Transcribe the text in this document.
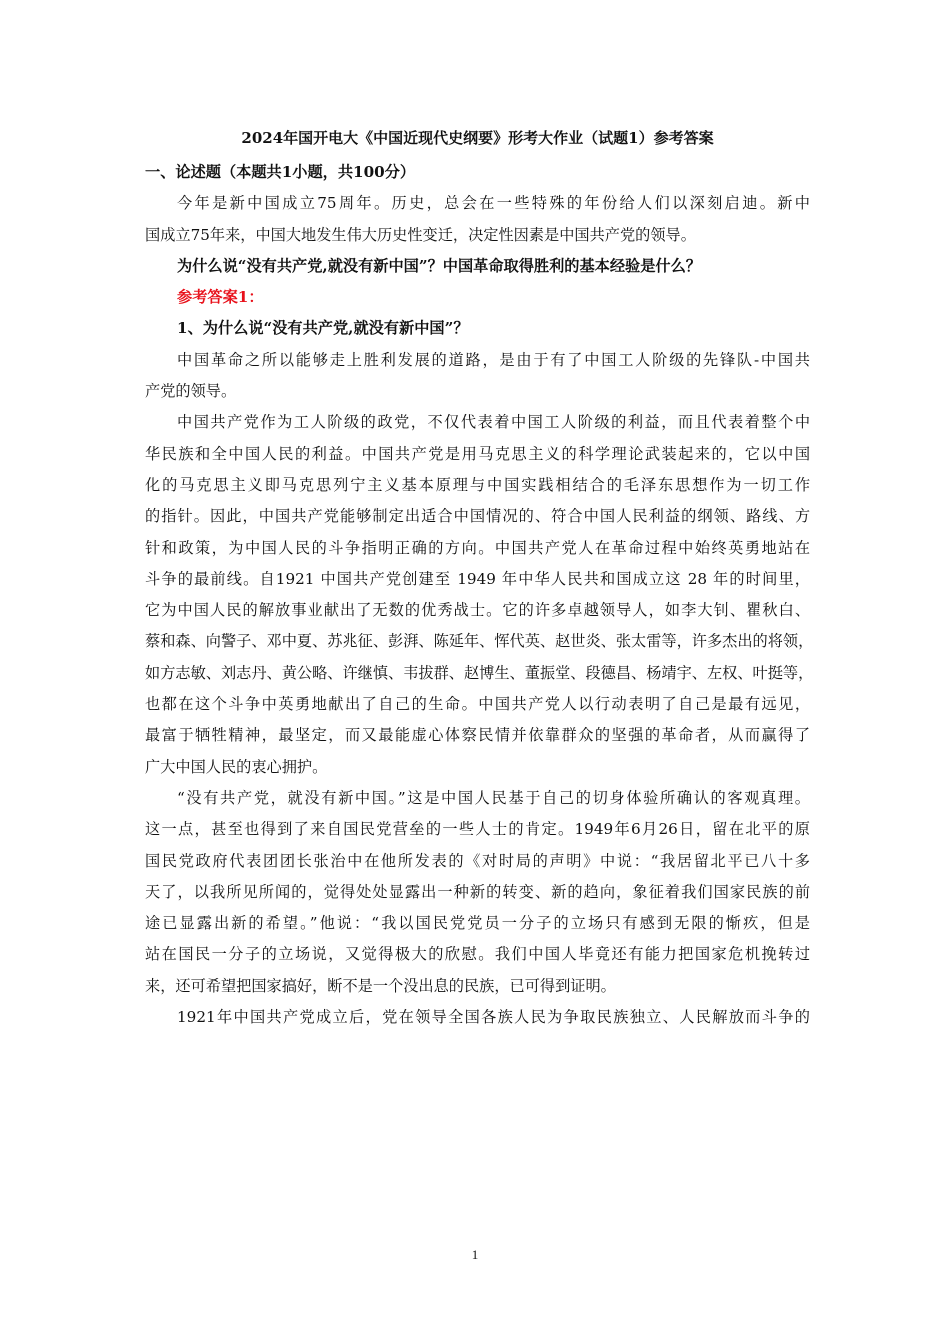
2024年国开电大《中国近现代史纲要》形考大作业（试题1）参考答案
一、论述题（本题共1小题，共100分）
今年是新中国成立75周年。历史，总会在一些特殊的年份给人们以深刻启迪。新中
国成立75年来，中国大地发生伟大历史性变迁，决定性因素是中国共产党的领导。
为什么说“没有共产党,就没有新中国”？中国革命取得胜利的基本经验是什么？
参考答案1：
1、为什么说“没有共产党,就没有新中国”？
中国革命之所以能够走上胜利发展的道路，是由于有了中国工人阶级的先锋队-中国共
产党的领导。
中国共产党作为工人阶级的政党，不仅代表着中国工人阶级的利益，而且代表着整个中
华民族和全中国人民的利益。中国共产党是用马克思主义的科学理论武装起来的，它以中国
化的马克思主义即马克思列宁主义基本原理与中国实践相结合的毛泽东思想作为一切工作
的指针。因此，中国共产党能够制定出适合中国情况的、符合中国人民利益的纲领、路线、方
针和政策，为中国人民的斗争指明正确的方向。中国共产党人在革命过程中始终英勇地站在
斗争的最前线。自1921 中国共产党创建至 1949 年中华人民共和国成立这 28 年的时间里，
它为中国人民的解放事业献出了无数的优秀战士。它的许多卓越领导人，如李大钊、瞿秋白、
蔡和森、向警子、邓中夏、苏兆征、彭湃、陈延年、恽代英、赵世炎、张太雷等，许多杰出的将领，
如方志敏、刘志丹、黄公略、许继慎、韦拔群、赵博生、董振堂、段德昌、杨靖宇、左权、叶挺等，
也都在这个斗争中英勇地献出了自己的生命。中国共产党人以行动表明了自己是最有远见，
最富于牺牲精神，最坚定，而又最能虚心体察民情并依靠群众的坚强的革命者，从而赢得了
广大中国人民的衷心拥护。
“没有共产党，就没有新中国。”这是中国人民基于自己的切身体验所确认的客观真理。
这一点，甚至也得到了来自国民党营垒的一些人士的肯定。1949年6月26日，留在北平的原
国民党政府代表团团长张治中在他所发表的《对时局的声明》中说：“我居留北平已八十多
天了，以我所见所闻的，觉得处处显露出一种新的转变、新的趋向，象征着我们国家民族的前
途已显露出新的希望。”他说：“我以国民党党员一分子的立场只有感到无限的惭疚，但是
站在国民一分子的立场说，又觉得极大的欣慰。我们中国人毕竟还有能力把国家危机挽转过
来，还可希望把国家搞好，断不是一个没出息的民族，已可得到证明。
1921年中国共产党成立后，党在领导全国各族人民为争取民族独立、人民解放而斗争的
1
